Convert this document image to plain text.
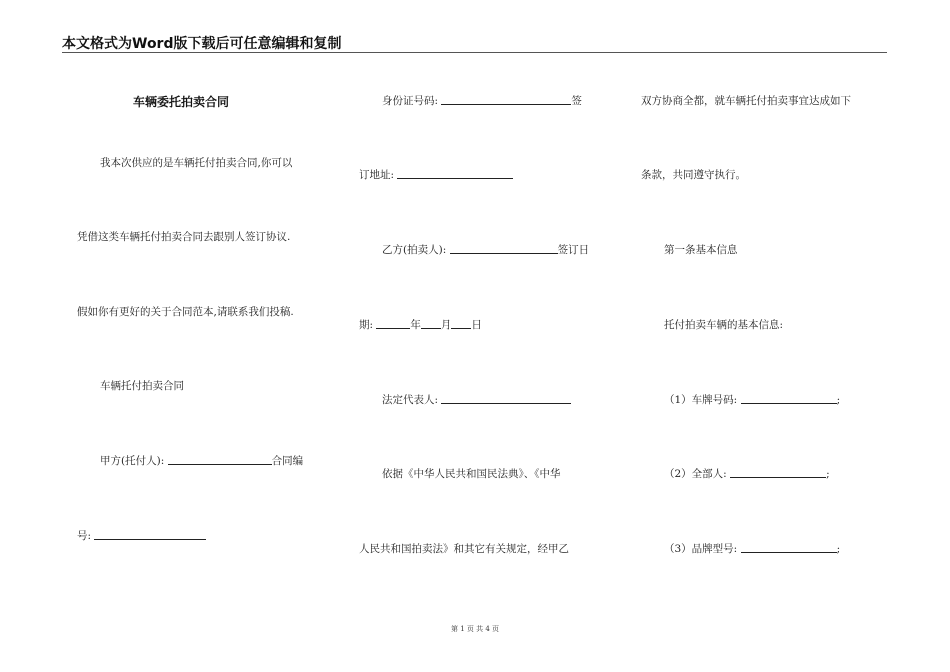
本文格式为Word版下载后可任意编辑和复制
车辆委托拍卖合同
我本次供应的是车辆托付拍卖合同,你可以
凭借这类车辆托付拍卖合同去跟别人签订协议.
假如你有更好的关于合同范本,请联系我们投稿.
车辆托付拍卖合同
甲方(托付人):	合同编
号:
身份证号码:	签
订地址:
乙方(拍卖人):	签订日
期:	年 月 日
法定代表人:
依据《中华人民共和国民法典》、《中华
人民共和国拍卖法》和其它有关规定，经甲乙
双方协商全都，就车辆托付拍卖事宜达成如下
条款，共同遵守执行。
第一条基本信息
托付拍卖车辆的基本信息:
（1）车牌号码:	;
（2）全部人:	;
（3）品牌型号:	;
第 1 页 共 4 页
